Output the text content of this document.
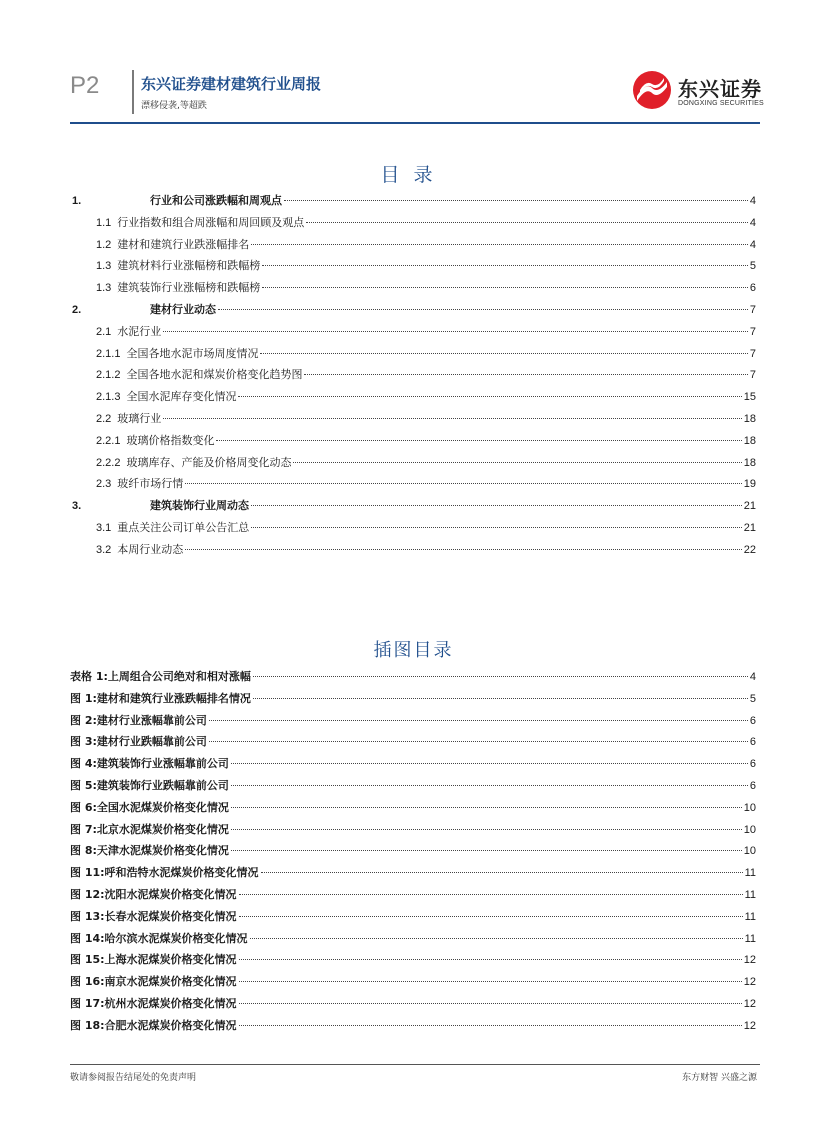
P2	东兴证券建材建筑行业周报
漂移侵袭,等超跌
东兴证券
DONGXING SECURITIES
目录
1.	行业和公司涨跌幅和周观点	4
1.1 行业指数和组合周涨幅和周回顾及观点	4
1.2 建材和建筑行业跌涨幅排名	4
1.3 建筑材料行业涨幅榜和跌幅榜	5
1.3 建筑装饰行业涨幅榜和跌幅榜	6
2.	建材行业动态	7
2.1 水泥行业	7
2.1.1 全国各地水泥市场周度情况	7
2.1.2 全国各地水泥和煤炭价格变化趋势图	7
2.1.3 全国水泥库存变化情况	15
2.2 玻璃行业	18
2.2.1 玻璃价格指数变化	18
2.2.2 玻璃库存、产能及价格周变化动态	18
2.3 玻纤市场行情	19
3.	建筑装饰行业周动态	21
3.1 重点关注公司订单公告汇总	21
3.2 本周行业动态	22
插图目录
表格 1: 上周组合公司绝对和相对涨幅	4
图 1: 建材和建筑行业涨跌幅排名情况	5
图 2: 建材行业涨幅靠前公司	6
图 3: 建材行业跌幅靠前公司	6
图 4: 建筑装饰行业涨幅靠前公司	6
图 5: 建筑装饰行业跌幅靠前公司	6
图 6: 全国水泥煤炭价格变化情况	10
图 7: 北京水泥煤炭价格变化情况	10
图 8: 天津水泥煤炭价格变化情况	10
图 11: 呼和浩特水泥煤炭价格变化情况	11
图 12: 沈阳水泥煤炭价格变化情况	11
图 13: 长春水泥煤炭价格变化情况	11
图 14: 哈尔滨水泥煤炭价格变化情况	11
图 15: 上海水泥煤炭价格变化情况	12
图 16: 南京水泥煤炭价格变化情况	12
图 17: 杭州水泥煤炭价格变化情况	12
图 18: 合肥水泥煤炭价格变化情况	12
敬请参阅报告结尾处的免责声明	东方财智 兴盛之源
